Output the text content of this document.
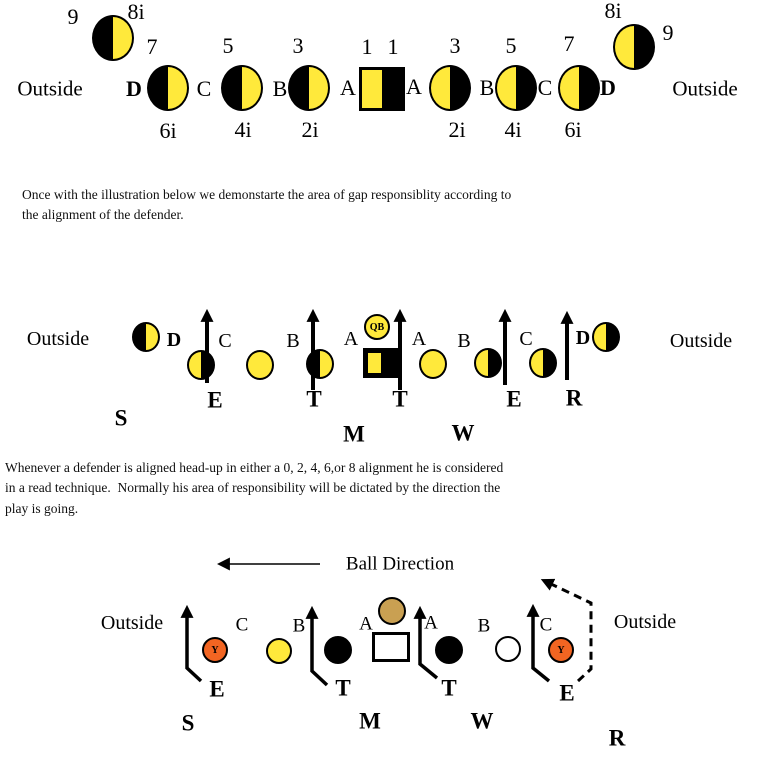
9 8i
7	5	3	1 1 3 5 7
8i
9
6i	4i 2i	2i 4i 6i
Outside	Outside
D C	B A A	B C D
Once with the illustration below we demonstarte the area of gap responsiblity according to
the alignment of the defender.
QB
Outside	Outside
D C	B A	A B C D
S
E	T	T
M	W
E R
Whenever a defender is aligned head-up in either a 0, 2, 4, 6,or 8 alignment he is considered
in a read technique.  Normally his area of responsibility will be dictated by the direction the
play is going.
Ball Direction
Outside	Outside
Y	Y
C B	A	A B	C
E
S
T
M
T
W
E
R
